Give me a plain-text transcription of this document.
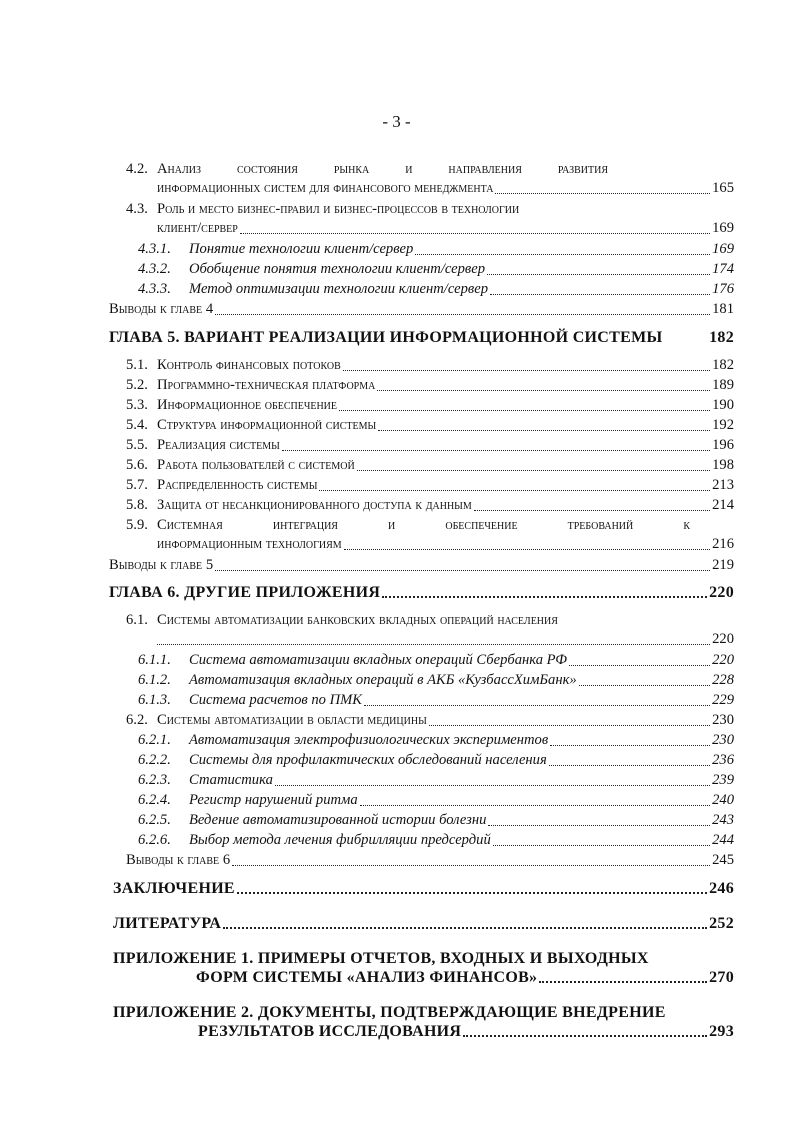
- 3 -
4.2. Анализ состояния рынка и направления развития
информационных систем для финансового менеджмента	165
4.3. Роль и место бизнес-правил и бизнес-процессов в технологии
клиент/сервер	169
4.3.1.	Понятие технологии клиент/сервер	169
4.3.2.	Обобщение понятия технологии клиент/сервер	174
4.3.3.	Метод оптимизации технологии клиент/сервер	176
Выводы к главе 4	181
ГЛАВА 5. ВАРИАНТ РЕАЛИЗАЦИИ ИНФОРМАЦИОННОЙ СИСТЕМЫ	182
5.1. Контроль финансовых потоков	182
5.2. Программно-техническая платформа	189
5.3. Информационное обеспечение	190
5.4. Структура информационной системы	192
5.5. Реализация системы	196
5.6. Работа пользователей с системой	198
5.7. Распределенность системы	213
5.8. Защита от несанкционированного доступа к данным	214
5.9. Системная	интеграция	и	обеспечение	требований	к
информационным технологиям	216
Выводы к главе 5	219
ГЛАВА 6. ДРУГИЕ ПРИЛОЖЕНИЯ	220
6.1. Системы автоматизации банковских вкладных операций населения
220
6.1.1.	Система автоматизации вкладных операций Сбербанка РФ	220
6.1.2.	Автоматизация вкладных операций в АКБ «КузбассХимБанк»	228
6.1.3.	Система расчетов по ПМК	229
6.2. Системы автоматизации в области медицины	230
6.2.1.	Автоматизация электрофизиологических экспериментов	230
6.2.2.	Системы для профилактических обследований населения	236
6.2.3.	Статистика	239
6.2.4.	Регистр нарушений ритма	240
6.2.5.	Ведение автоматизированной истории болезни	243
6.2.6.	Выбор метода лечения фибрилляции предсердий	244
Выводы к главе 6	245
ЗАКЛЮЧЕНИЕ	246
ЛИТЕРАТУРА	252
ПРИЛОЖЕНИЕ 1. ПРИМЕРЫ ОТЧЕТОВ, ВХОДНЫХ И ВЫХОДНЫХ
ФОРМ СИСТЕМЫ «АНАЛИЗ ФИНАНСОВ»	270
ПРИЛОЖЕНИЕ 2. ДОКУМЕНТЫ, ПОДТВЕРЖДАЮЩИЕ ВНЕДРЕНИЕ
РЕЗУЛЬТАТОВ ИССЛЕДОВАНИЯ	293
